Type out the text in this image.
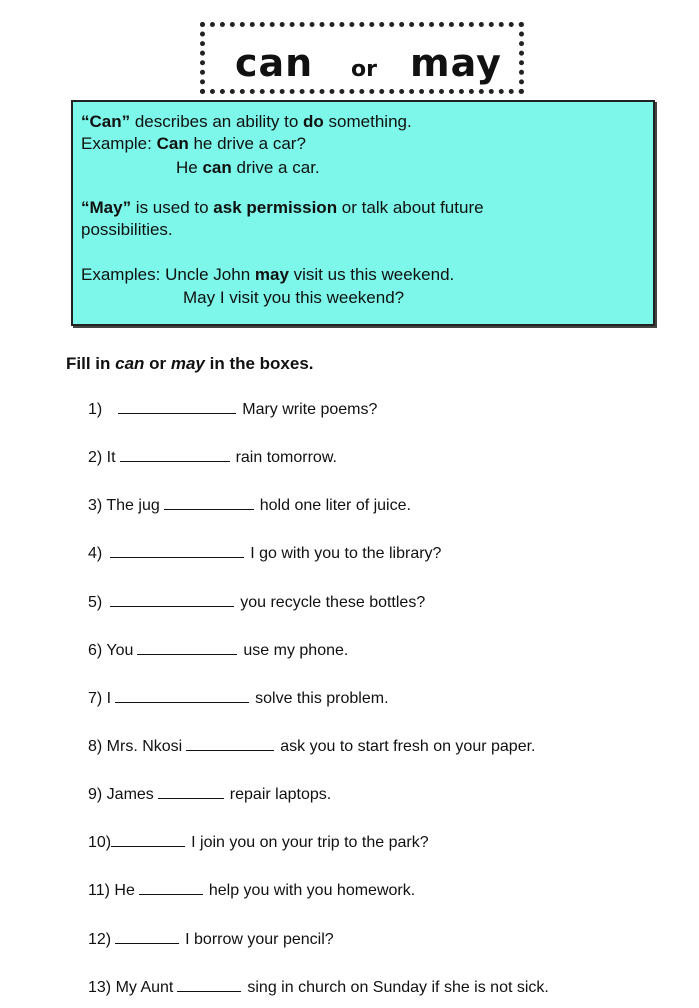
can or may
“Can” describes an ability to do something.
Example: Can he drive a car?
He can drive a car.
“May” is used to ask permission or talk about future
possibilities.
Examples: Uncle John may visit us this weekend.
May I visit you this weekend?
Fill in can or may in the boxes.
1)	Mary write poems?
2) It	rain tomorrow.
3) The jug	hold one liter of juice.
4)	I go with you to the library?
5)	you recycle these bottles?
6) You	use my phone.
7) I	solve this problem.
8) Mrs. Nkosi	ask you to start fresh on your paper.
9) James	repair laptops.
10)	I join you on your trip to the park?
11) He	help you with you homework.
12)	I borrow your pencil?
13) My Aunt	sing in church on Sunday if she is not sick.
